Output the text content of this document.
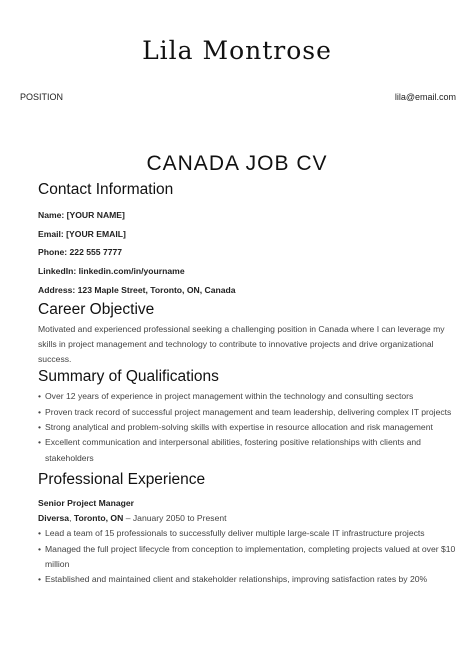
Lila Montrose
POSITION	lila@email.com
CANADA JOB CV
Contact Information
Name: [YOUR NAME]
Email: [YOUR EMAIL]
Phone: 222 555 7777
LinkedIn: linkedin.com/in/yourname
Address: 123 Maple Street, Toronto, ON, Canada
Career Objective

Motivated and experienced professional seeking a challenging position in Canada where I can leverage my skills in project management and technology to contribute to innovative projects and drive organizational success.

Summary of Qualifications
• Over 12 years of experience in project management within the technology and consulting sectors
• Proven track record of successful project management and team leadership, delivering complex IT projects
• Strong analytical and problem-solving skills with expertise in resource allocation and risk management
• Excellent communication and interpersonal abilities, fostering positive relationships with clients and stakeholders
Professional Experience
Senior Project Manager
Diversa, Toronto, ON – January 2050 to Present
• Lead a team of 15 professionals to successfully deliver multiple large-scale IT infrastructure projects
• Managed the full project lifecycle from conception to implementation, completing projects valued at over $10 million
• Established and maintained client and stakeholder relationships, improving satisfaction rates by 20%
